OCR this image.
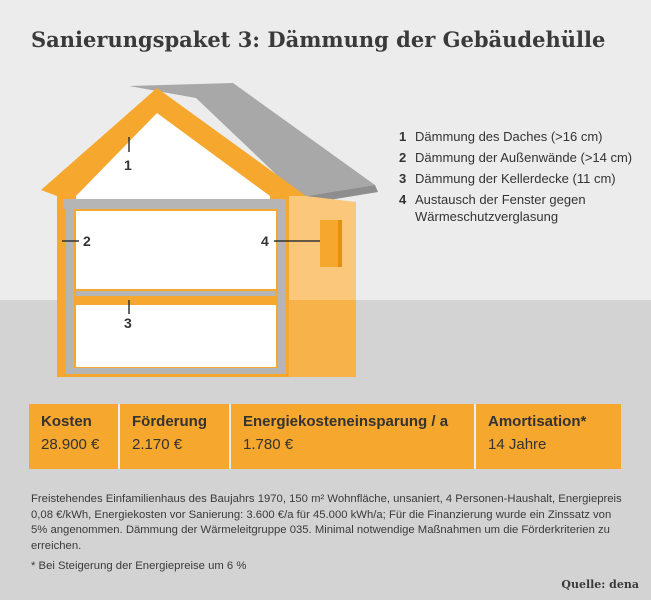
Sanierungspaket 3: Dämmung der Gebäudehülle
1
2
3
4
1 Dämmung des Daches (>16 cm)
2 Dämmung der Außenwände (>14 cm)
3 Dämmung der Kellerdecke (11 cm)
4 Austausch der Fenster gegen Wärmeschutzverglasung
Kosten
28.900 €
Förderung
2.170 €
Energiekosteneinsparung / a
1.780 €
Amortisation*
14 Jahre
Freistehendes Einfamilienhaus des Baujahrs 1970, 150 m² Wohnfläche, unsaniert, 4 Personen-Haushalt, Energiepreis 0,08 €/kWh, Energiekosten vor Sanierung: 3.600 €/a für 45.000 kWh/a; Für die Finanzierung wurde ein Zinssatz von 5% angenommen. Dämmung der Wärmeleitgruppe 035. Minimal notwendige Maßnahmen um die Förderkriterien zu erreichen.
* Bei Steigerung der Energiepreise um 6 %
Quelle: dena
